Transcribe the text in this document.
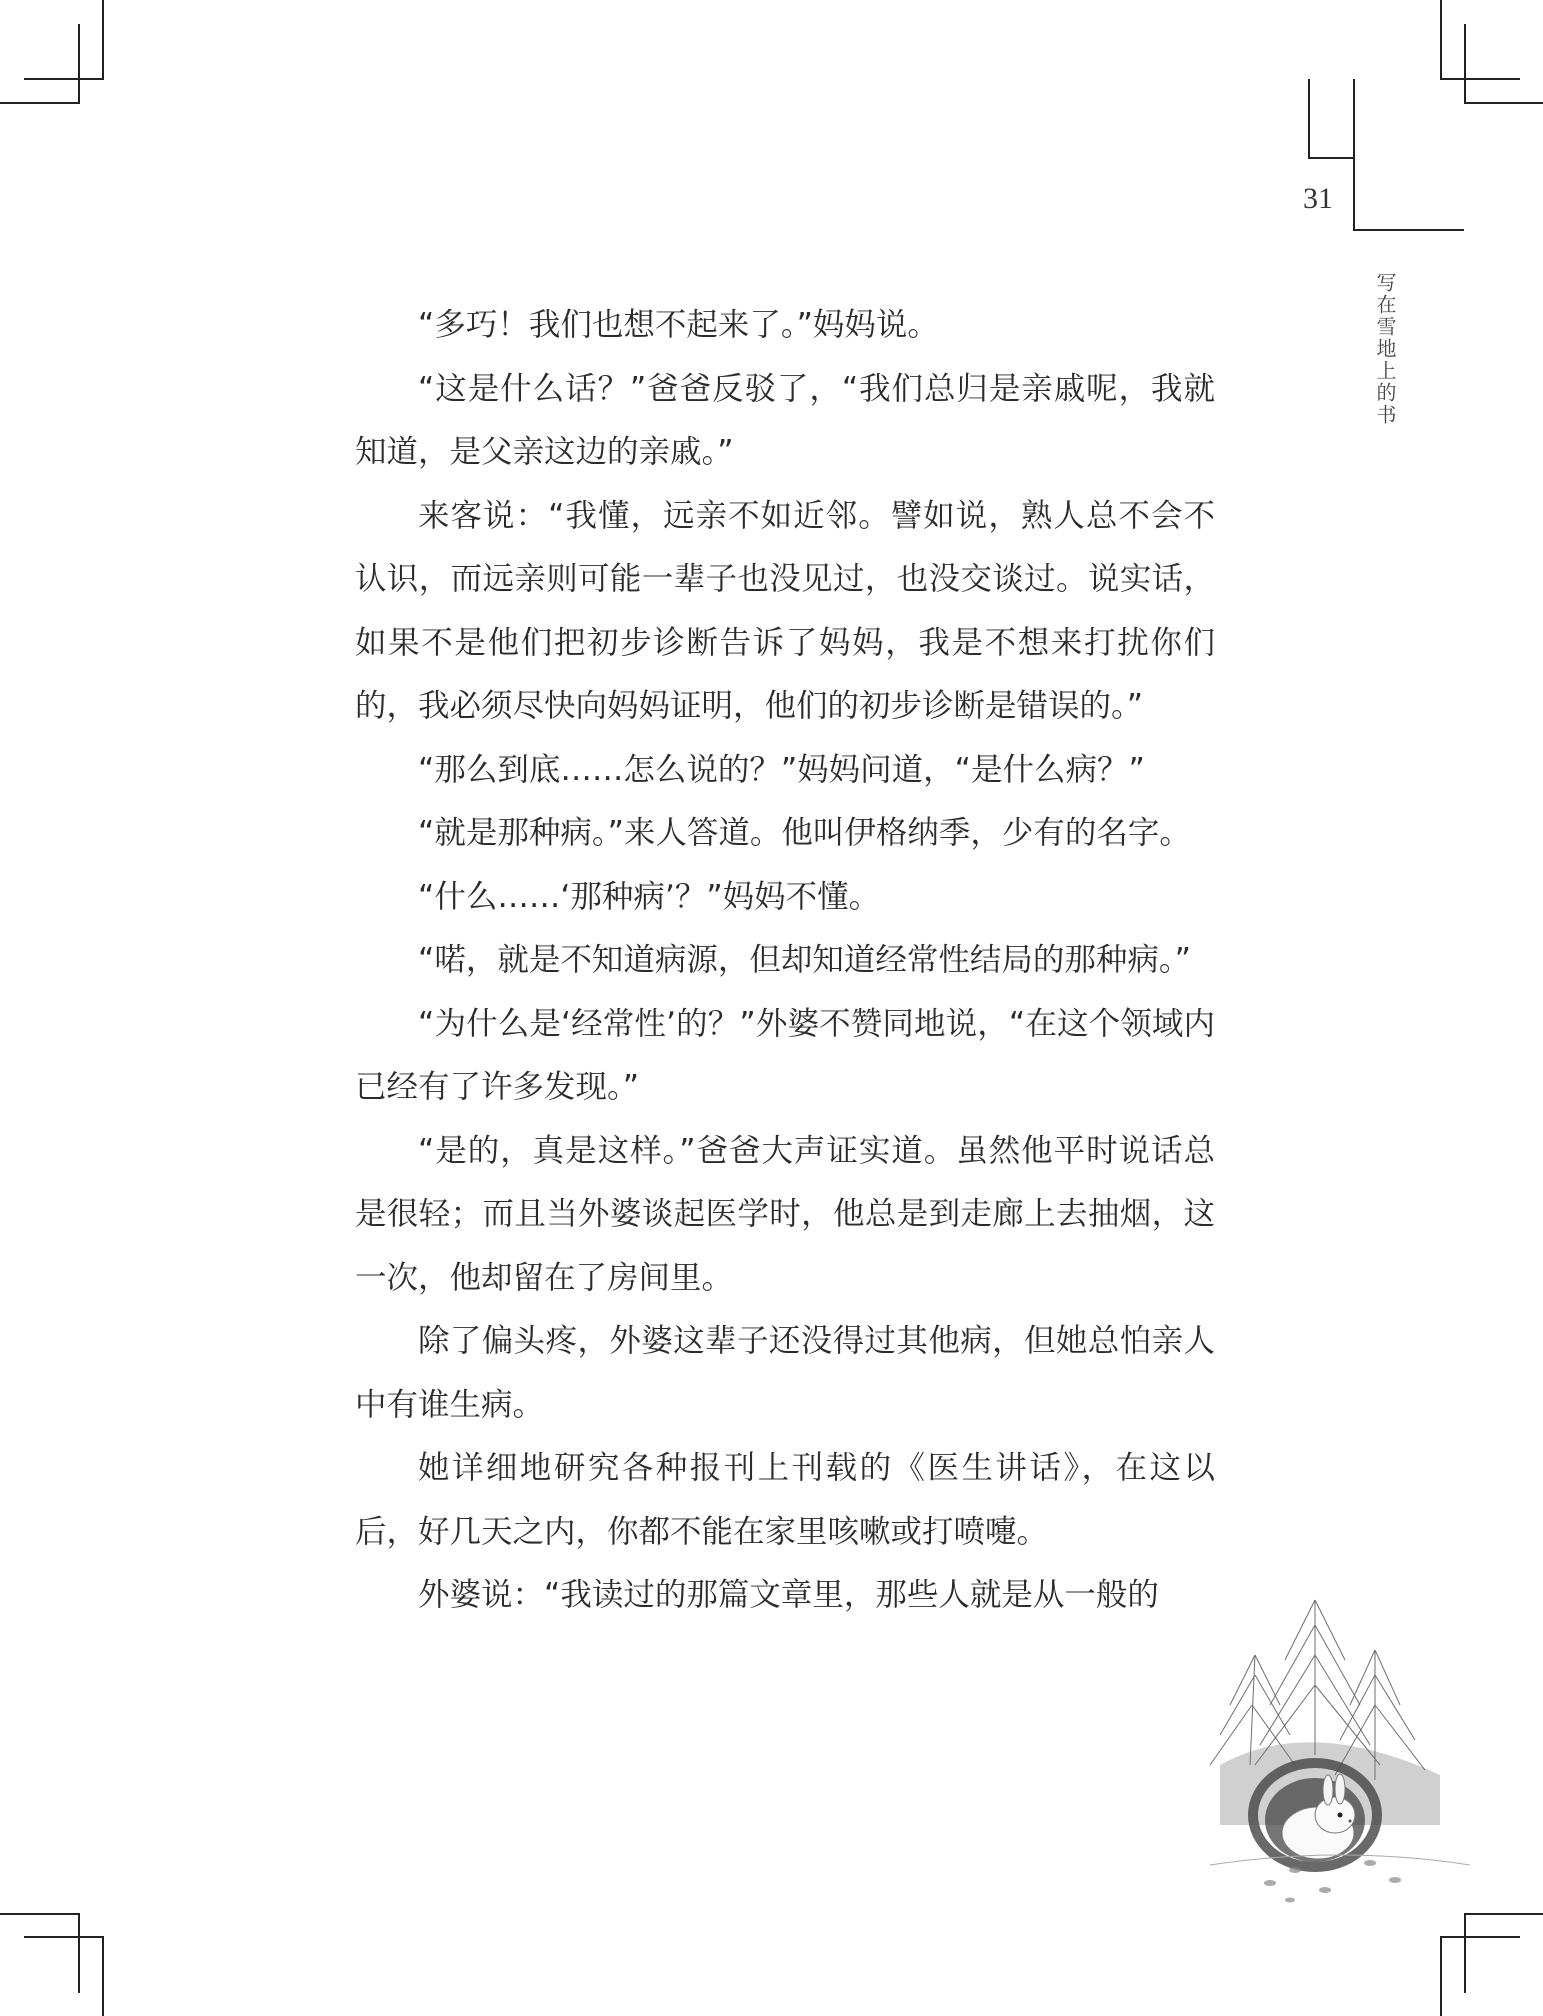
31
写在雪地上的书

“多巧！我们也想不起来了。”妈妈说。

“这是什么话？”爸爸反驳了，“我们总归是亲戚呢，我就知道，是父亲这边的亲戚。”

来客说：“我懂，远亲不如近邻。譬如说，熟人总不会不认识，而远亲则可能一辈子也没见过，也没交谈过。说实话，如果不是他们把初步诊断告诉了妈妈，我是不想来打扰你们的，我必须尽快向妈妈证明，他们的初步诊断是错误的。”

“那么到底……怎么说的？”妈妈问道，“是什么病？”

“就是那种病。”来人答道。他叫伊格纳季，少有的名字。

“什么……‘那种病’？”妈妈不懂。

“喏，就是不知道病源，但却知道经常性结局的那种病。”

“为什么是‘经常性’的？”外婆不赞同地说，“在这个领域内已经有了许多发现。”

“是的，真是这样。”爸爸大声证实道。虽然他平时说话总是很轻；而且当外婆谈起医学时，他总是到走廊上去抽烟，这一次，他却留在了房间里。

除了偏头疼，外婆这辈子还没得过其他病，但她总怕亲人中有谁生病。

她详细地研究各种报刊上刊载的《医生讲话》，在这以后，好几天之内，你都不能在家里咳嗽或打喷嚏。

外婆说：“我读过的那篇文章里，那些人就是从一般的
